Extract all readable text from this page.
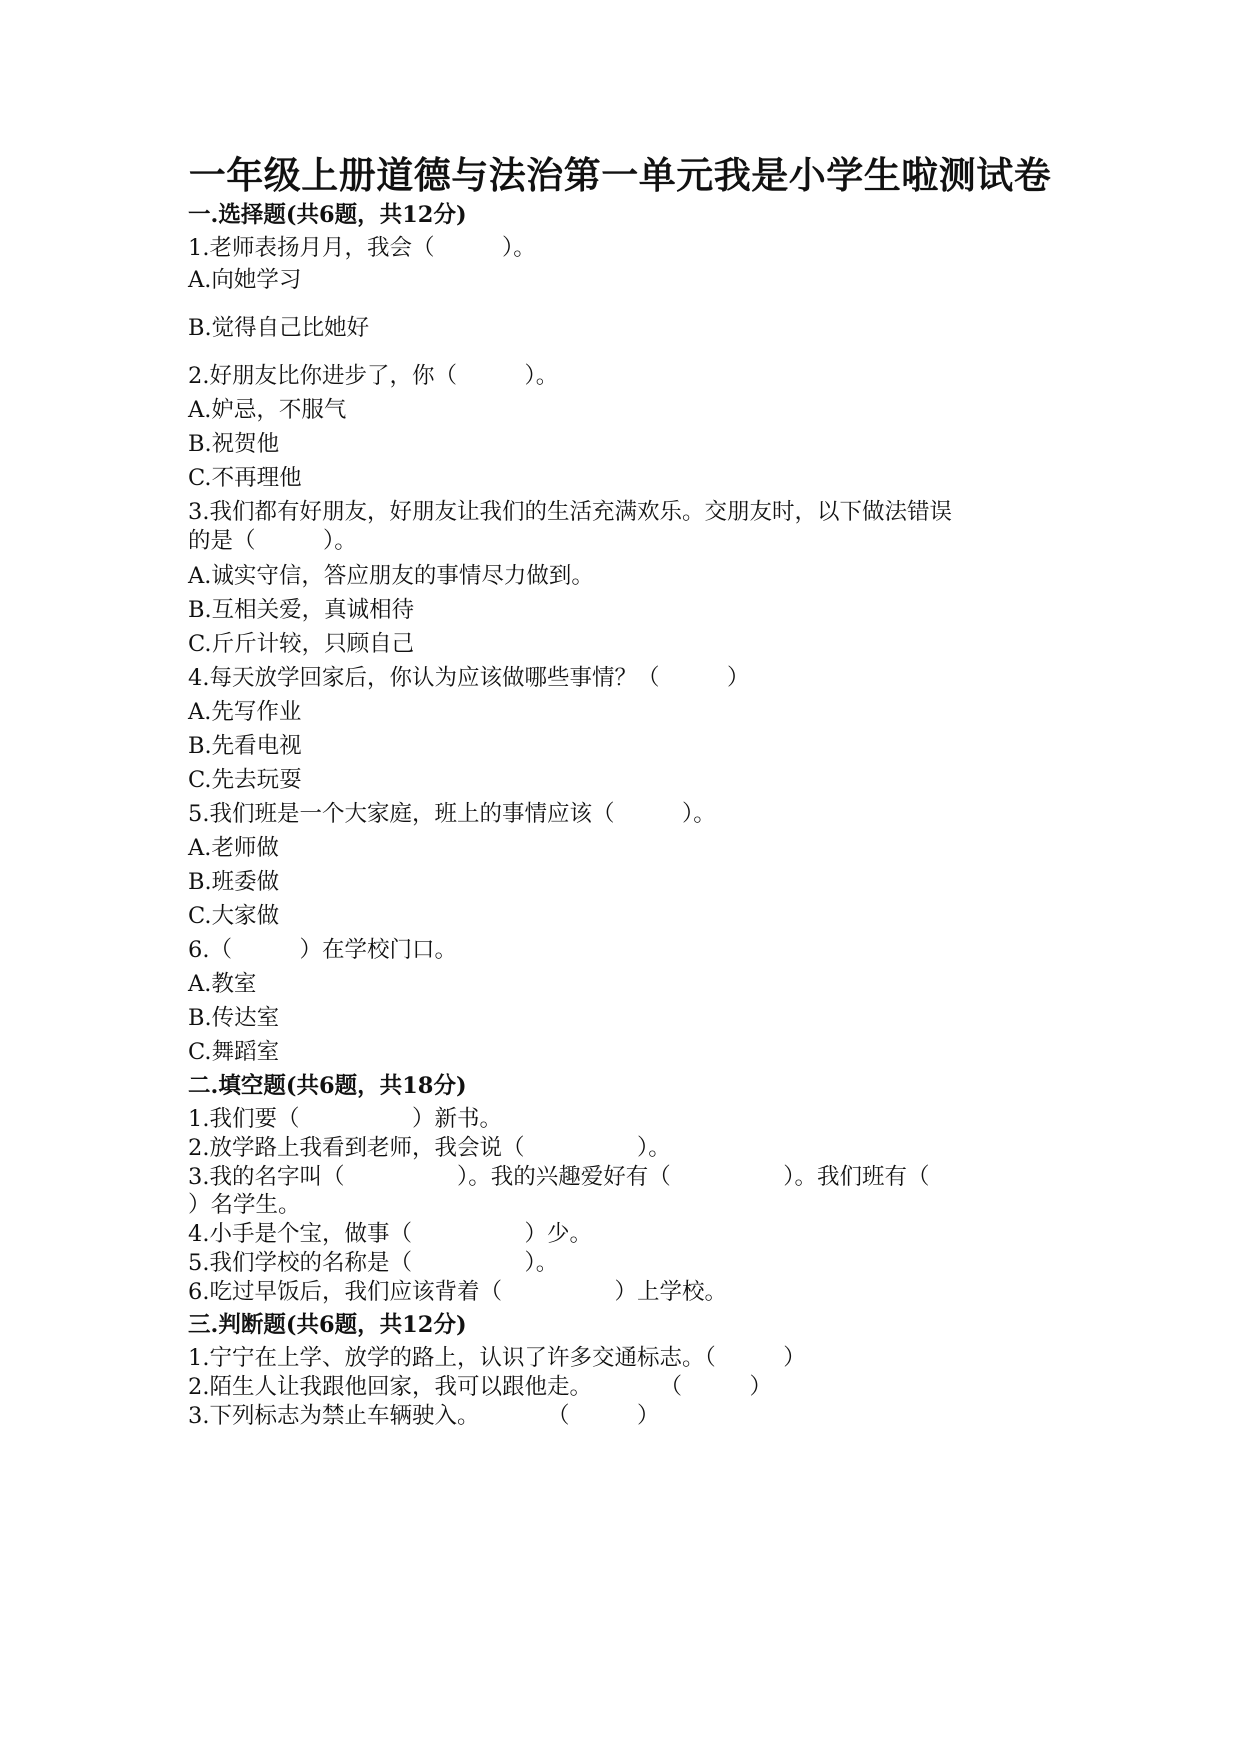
一年级上册道德与法治第一单元我是小学生啦测试卷
一.选择题(共6题，共12分)
1.老师表扬月月，我会（　　　）。
A.向她学习
B.觉得自己比她好
2.好朋友比你进步了，你（　　　）。
A.妒忌，不服气
B.祝贺他
C.不再理他
3.我们都有好朋友，好朋友让我们的生活充满欢乐。交朋友时，以下做法错误
的是（　　　）。
A.诚实守信，答应朋友的事情尽力做到。
B.互相关爱，真诚相待
C.斤斤计较，只顾自己
4.每天放学回家后，你认为应该做哪些事情？（　　　）
A.先写作业
B.先看电视
C.先去玩耍
5.我们班是一个大家庭，班上的事情应该（　　　）。
A.老师做
B.班委做
C.大家做
6.（　　　）在学校门口。
A.教室
B.传达室
C.舞蹈室
二.填空题(共6题，共18分)
1.我们要（　　　　　）新书。
2.放学路上我看到老师，我会说（　　　　　）。
3.我的名字叫（　　　　　）。我的兴趣爱好有（　　　　　）。我们班有（
）名学生。
4.小手是个宝，做事（　　　　　）少。
5.我们学校的名称是（　　　　　）。
6.吃过早饭后，我们应该背着（　　　　　）上学校。
三.判断题(共6题，共12分)
1.宁宁在上学、放学的路上，认识了许多交通标志。（　　　）
2.陌生人让我跟他回家，我可以跟他走。　　　　（　　　）
3.下列标志为禁止车辆驶入。　　　　（　　　）
